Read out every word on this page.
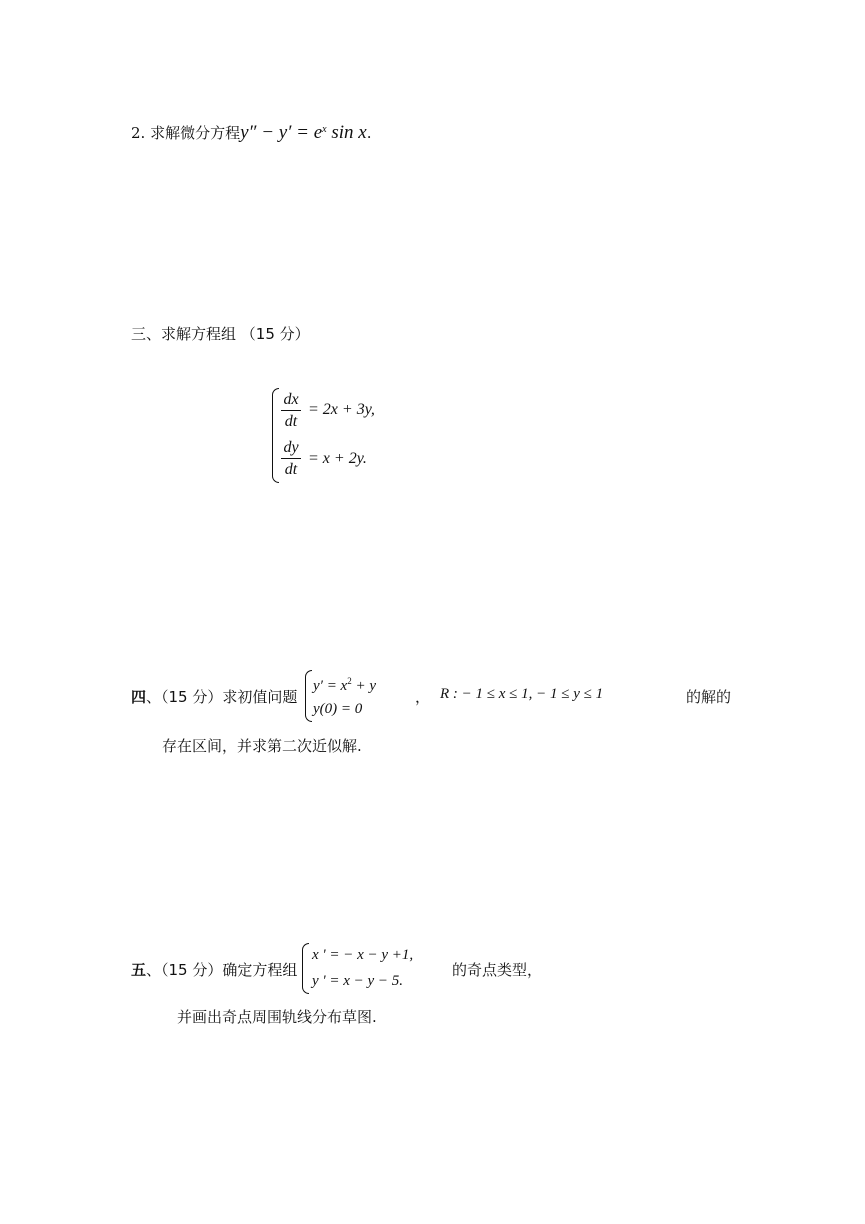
2. 求解微分方程$y'' - y' = e^x$ sin x.
三、求解方程组 （15 分）
dx
dt
= 2x + 3y,
dy
dt
= x + 2y.
四、（15 分）求初值问题
$y' = x^2 + y$
y(0) = 0
， R : − 1 ≤ x ≤ 1, − 1 ≤ y ≤ 1	的解的
存在区间，并求第二次近似解.
五、（15 分）确定方程组
x ' = − x − y +1,
y ' = x − y − 5.
的奇点类型，
并画出奇点周围轨线分布草图.
